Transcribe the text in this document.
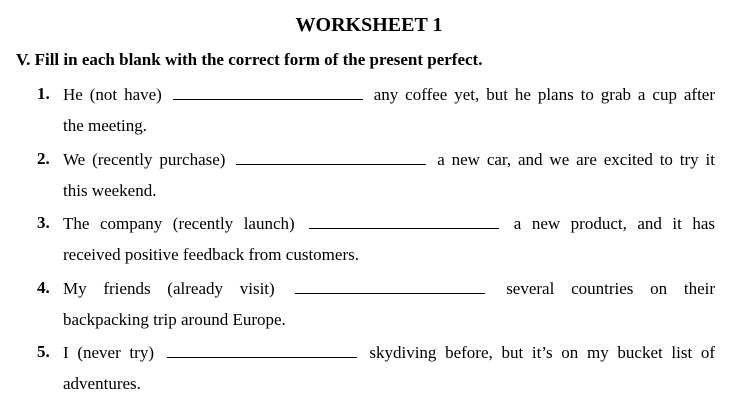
WORKSHEET 1
V. Fill in each blank with the correct form of the present perfect.
1. He (not have)	any coffee yet, but he plans to grab a cup after
the meeting.
2. We (recently purchase)	a new car, and we are excited to try it
this weekend.
3. The company (recently launch)	a new product, and it has
received positive feedback from customers.
4. My friends (already visit)	several countries on their
backpacking trip around Europe.
5. I (never try)	skydiving before, but it’s on my bucket list of
adventures.
